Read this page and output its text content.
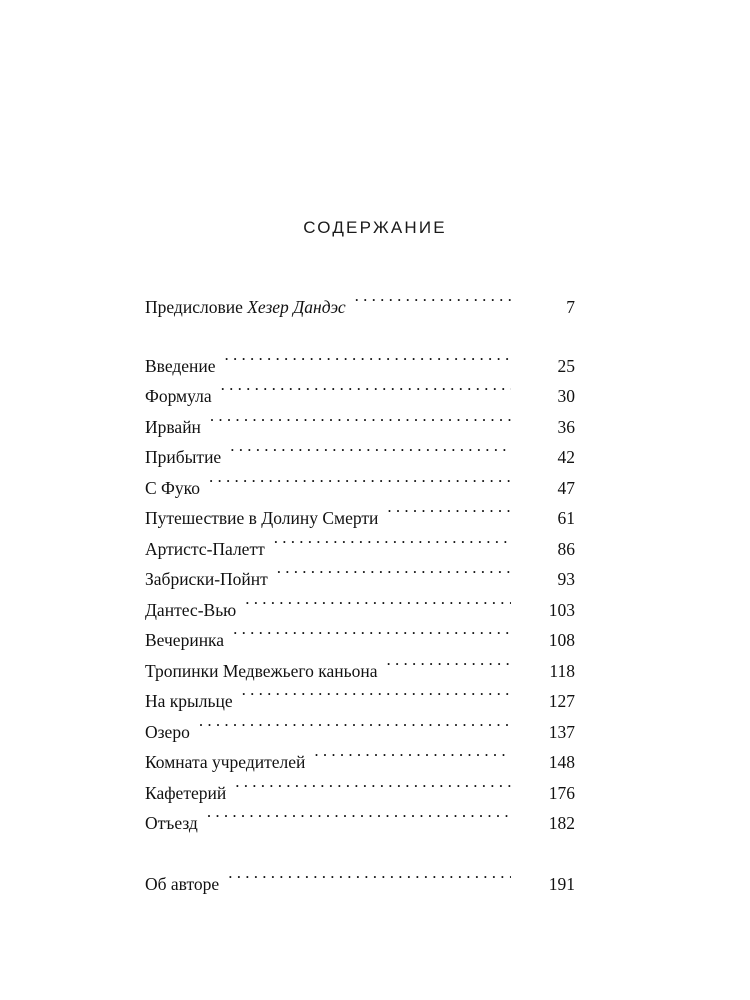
СОДЕРЖАНИЕ
Предисловие Хезер Дандэс . . .	7
Введение . . .	25
Формула . . .	30
Ирвайн . . .	36
Прибытие . . .	42
С Фуко . . .	47
Путешествие в Долину Смерти . . .	61
Артистс-Палетт . . .	86
Забриски-Пойнт . . .	93
Дантес-Вью . . .	103
Вечеринка . . .	108
Тропинки Медвежьего каньона . . .	118
На крыльце . . .	127
Озеро . . .	137
Комната учредителей . . .	148
Кафетерий . . .	176
Отъезд . . .	182
Об авторе . . .	191
